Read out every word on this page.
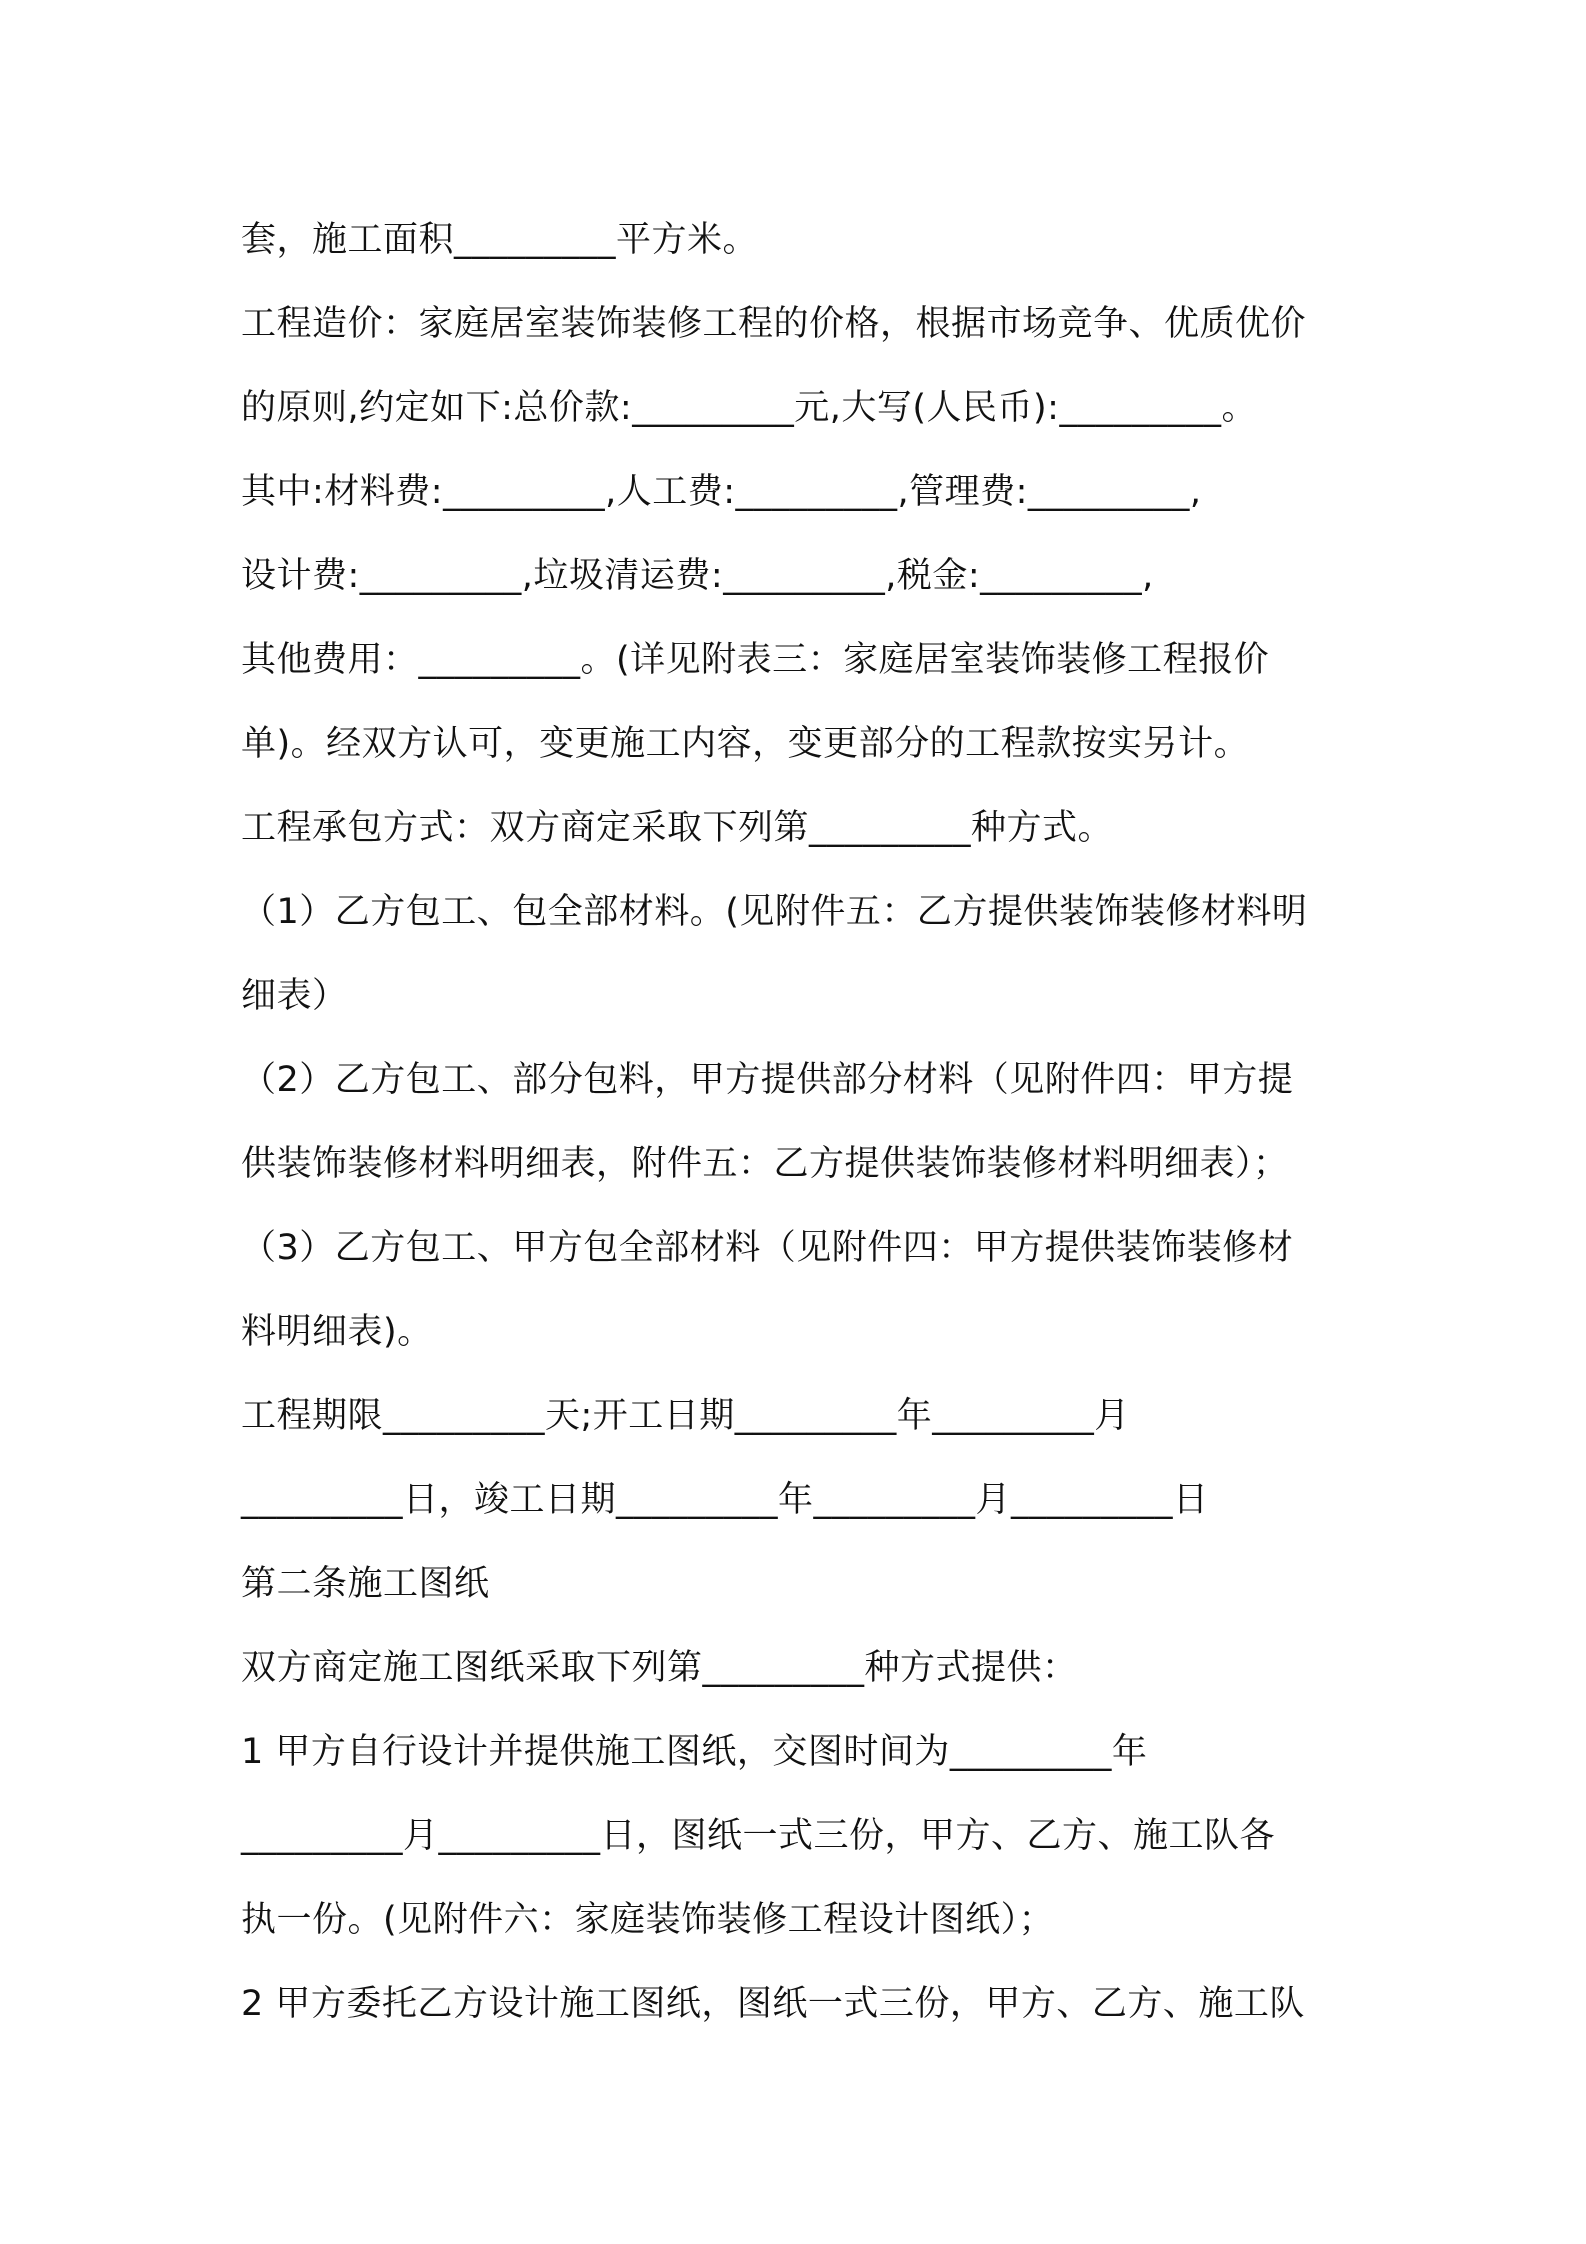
套，施工面积_________平方米。
工程造价：家庭居室装饰装修工程的价格，根据市场竞争、优质优价
的原则,约定如下:总价款:_________元,大写(人民币):_________。
其中:材料费:_________,人工费:_________,管理费:_________,
设计费:_________,垃圾清运费:_________,税金:_________,
其他费用：_________。(详见附表三：家庭居室装饰装修工程报价
单)。经双方认可，变更施工内容，变更部分的工程款按实另计。
工程承包方式：双方商定采取下列第_________种方式。
（1）乙方包工、包全部材料。(见附件五：乙方提供装饰装修材料明
细表）
（2）乙方包工、部分包料，甲方提供部分材料（见附件四：甲方提
供装饰装修材料明细表，附件五：乙方提供装饰装修材料明细表）；
（3）乙方包工、甲方包全部材料（见附件四：甲方提供装饰装修材
料明细表)。
工程期限_________天;开工日期_________年_________月
_________日，竣工日期_________年_________月_________日
第二条施工图纸
双方商定施工图纸采取下列第_________种方式提供：
1 甲方自行设计并提供施工图纸，交图时间为_________年
_________月_________日，图纸一式三份，甲方、乙方、施工队各
执一份。(见附件六：家庭装饰装修工程设计图纸）；
2 甲方委托乙方设计施工图纸，图纸一式三份，甲方、乙方、施工队
